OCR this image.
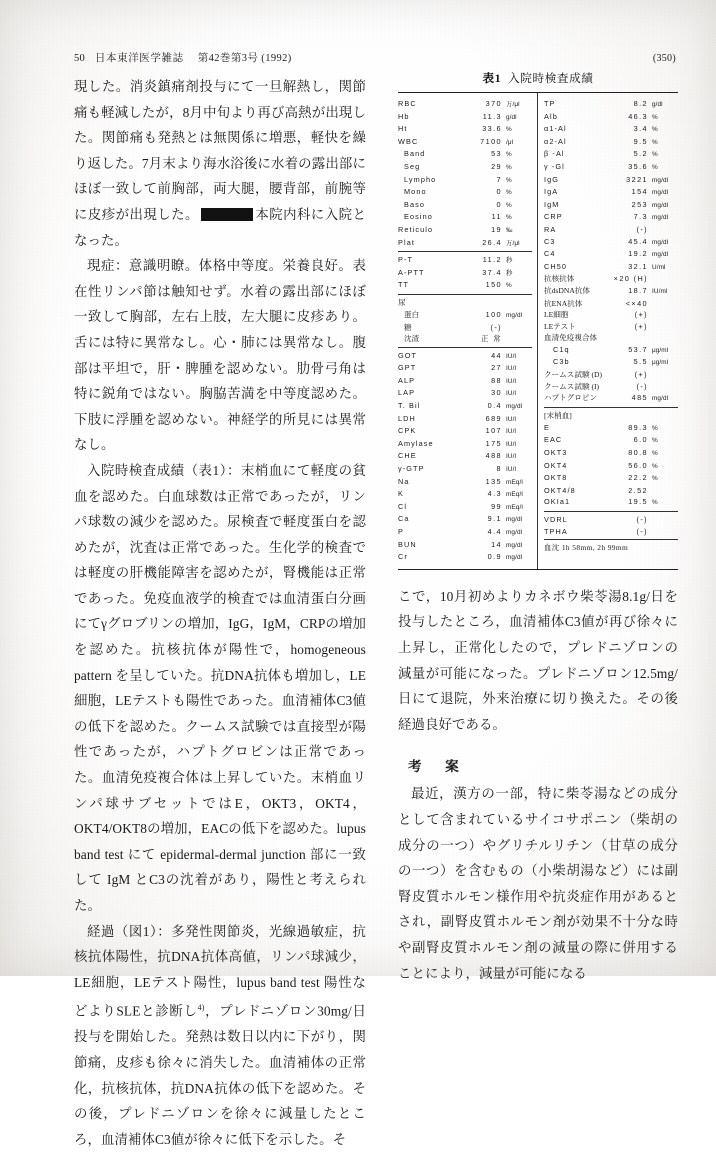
50 日本東洋医学雑誌 第42巻第3号 (1992)	(350)

現した。消炎鎮痛剤投与にて一旦解熱し，関節痛も軽減したが，8月中旬より再び高熱が出現した。関節痛も発熱とは無関係に増悪，軽快を繰り返した。7月末より海水浴後に水着の露出部にほぼ一致して前胸部，両大腿，腰背部，前腕等に皮疹が出現した。	本院内科に入院となった。

現症：意識明瞭。体格中等度。栄養良好。表在性リンパ節は触知せず。水着の露出部にほぼ一致して胸部，左右上肢，左大腿に皮疹あり。舌には特に異常なし。心・肺には異常なし。腹部は平坦で，肝・脾腫を認めない。肋骨弓角は特に鋭角ではない。胸脇苦満を中等度認めた。下肢に浮腫を認めない。神経学的所見には異常なし。

入院時検査成績（表1）：末梢血にて軽度の貧血を認めた。白血球数は正常であったが，リンパ球数の減少を認めた。尿検査で軽度蛋白を認めたが，沈査は正常であった。生化学的検査では軽度の肝機能障害を認めたが，腎機能は正常であった。免疫血液学的検査では血清蛋白分画にてγグロブリンの増加，IgG，IgM，CRPの増加を認めた。抗核抗体が陽性で，homogeneous pattern を呈していた。抗DNA抗体も増加し，LE細胞，LEテストも陽性であった。血清補体C3値の低下を認めた。クームス試験では直接型が陽性であったが，ハプトグロビンは正常であった。血清免疫複合体は上昇していた。末梢血リンパ球サブセットではE，OKT3，OKT4，OKT4/OKT8の増加，EACの低下を認めた。lupus band test にて epidermal-dermal junction 部に一致して IgM とC3の沈着があり，陽性と考えられた。

経過（図1）：多発性関節炎，光線過敏症，抗核抗体陽性，抗DNA抗体高値，リンパ球減少，LE細胞，LEテスト陽性，lupus band test 陽性などよりSLEと診断し$^{4)}$，プレドニゾロン30mg/日投与を開始した。発熱は数日以内に下がり，関節痛，皮疹も徐々に消失した。血清補体の正常化，抗核抗体，抗DNA抗体の低下を認めた。その後，プレドニゾロンを徐々に減量したところ，血清補体C3値が徐々に低下を示した。そ

表1 入院時検査成績
RBC	370 万/μl
Hb	11.3 g/dl
Ht	33.6 %
WBC	7100 /μl
Band	53 %
Seg	29 %
Lympho	7 %
Mono	0 %
Baso	0 %
Eosino	11 %
Reticulo	19 ‰
Plat	26.4 万/μl
P-T	11.2 秒
A-PTT	37.4 秒
TT	150 %
尿
蛋白	100 mg/dl
糖	(-)
沈渣	正 常
GOT	44 IU/l
GPT	27 IU/l
ALP	88 IU/l
LAP	30 IU/l
T. Bil	0.4 mg/dl
LDH	689 IU/l
CPK	107 IU/l
Amylase	175 IU/l
CHE	488 IU/l
γ-GTP	8 IU/l
Na	135 mEq/l
K	4.3 mEq/l
Cl	99 mEq/l
Ca	9.1 mg/dl
P	4.4 mg/dl
BUN	14 mg/dl
Cr	0.9 mg/dl
TP	8.2 g/dl
Alb	46.3 %
α1-Al	3.4 %
α2-Al	9.5 %
β -Al	5.2 %
γ -Gl	35.6 %
IgG	3221 mg/dl
IgA	154 mg/dl
IgM	253 mg/dl
CRP	7.3 mg/dl
RA	(-)
C3	45.4 mg/dl
C4	19.2 mg/dl
CH50	32.1 U/ml
抗核抗体	×20 (H)
抗dsDNA抗体	18.7 IU/ml
抗ENA抗体	<×40
LE細胞	(+)
LEテスト	(+)
血清免疫複合体
C1q	53.7 μg/ml
C3b	5.5 μg/ml
クームス試験 (D)	(+)
クームス試験 (I)	(-)
ハプトグロビン	485 mg/dl
[末梢血]
E	89.3 %
EAC	6.0 %
OKT3	80.8 %
OKT4	56.0 %
OKT8	22.2 %
OKT4/8	2.52
OKIa1	19.5 %
VDRL	(-)
TPHA	(-)
血沈 1h 58mm, 2h 99mm

こで，10月初めよりカネボウ柴苓湯8.1g/日を投与したところ，血清補体C3値が再び徐々に上昇し，正常化したので，プレドニゾロンの減量が可能になった。プレドニゾロン12.5mg/日にて退院，外来治療に切り換えた。その後経過良好である。

考　案

最近，漢方の一部，特に柴苓湯などの成分として含まれているサイコサポニン（柴胡の成分の一つ）やグリチルリチン（甘草の成分の一つ）を含むもの（小柴胡湯など）には副腎皮質ホルモン様作用や抗炎症作用があるとされ，副腎皮質ホルモン剤が効果不十分な時や副腎皮質ホルモン剤の減量の際に併用することにより，減量が可能になる
